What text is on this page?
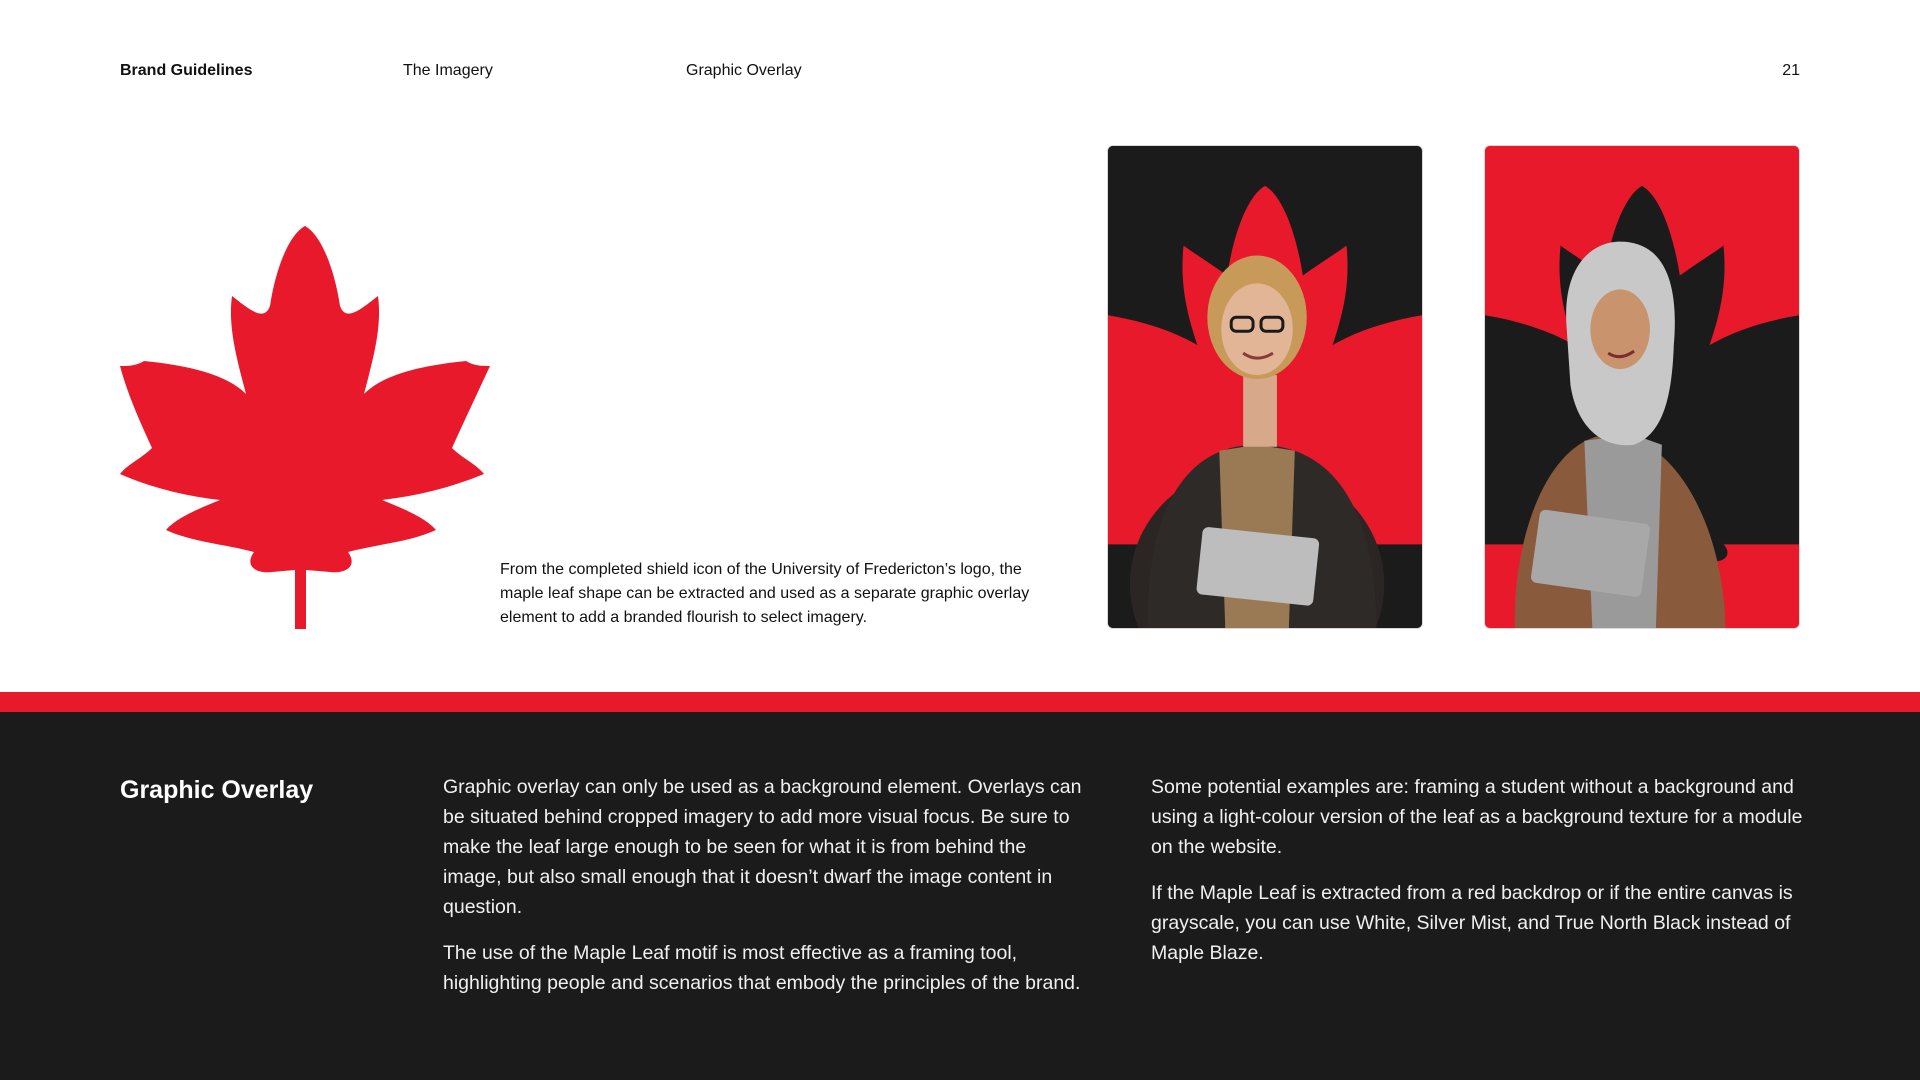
Brand Guidelines	The Imagery	Graphic Overlay	21

From the completed shield icon of the University of Fredericton’s logo, the maple leaf shape can be extracted and used as a separate graphic overlay element to add a branded flourish to select imagery.

Graphic Overlay	Graphic overlay can only be used as a background element. Overlays can be situated behind cropped imagery to add more visual focus. Be sure to make the leaf large enough to be seen for what it is from behind the image, but also small enough that it doesn’t dwarf the image content in question.

The use of the Maple Leaf motif is most effective as a framing tool, highlighting people and scenarios that embody the principles of the brand.

Some potential examples are: framing a student without a background and using a light-colour version of the leaf as a background texture for a module on the website.

If the Maple Leaf is extracted from a red backdrop or if the entire canvas is grayscale, you can use White, Silver Mist, and True North Black instead of Maple Blaze.
